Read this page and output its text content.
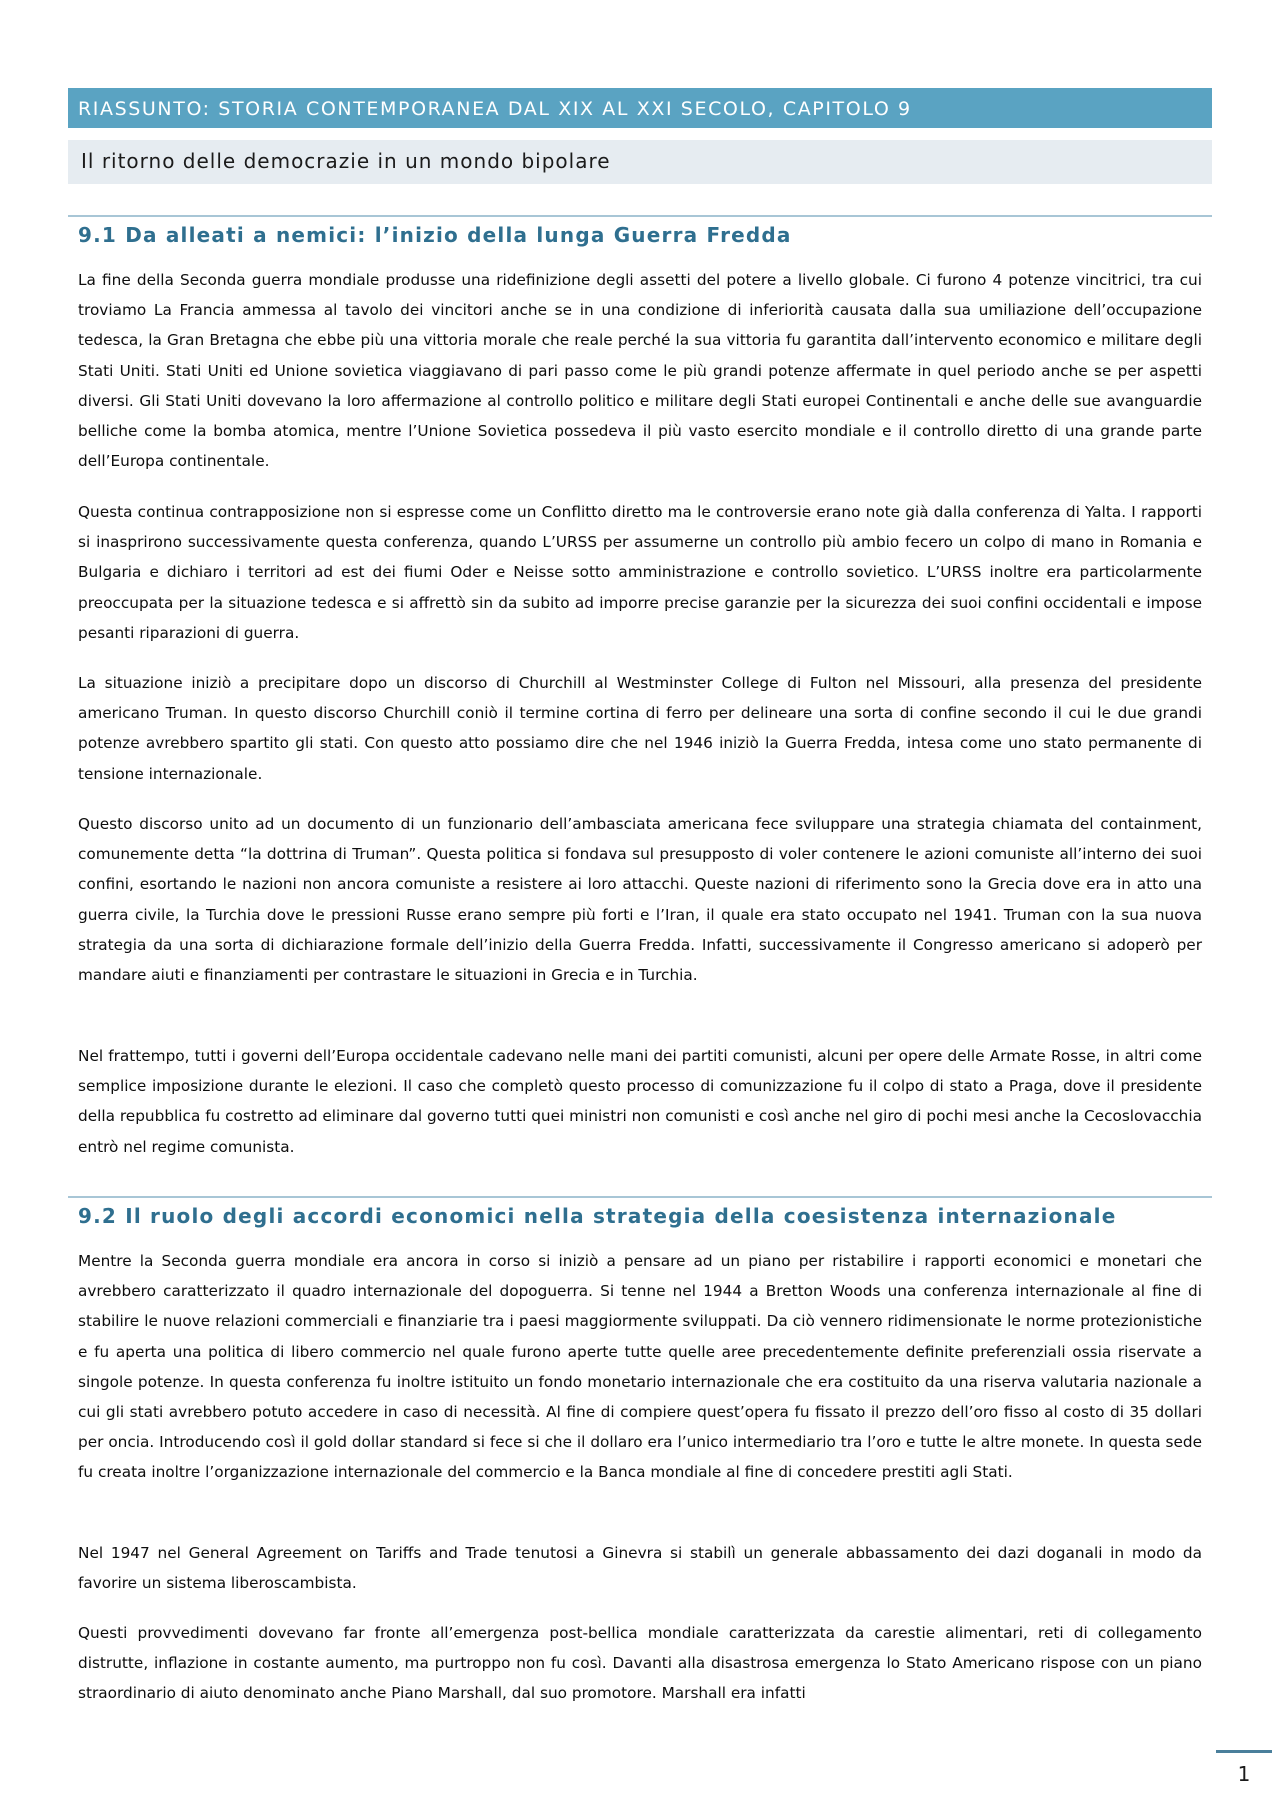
RIASSUNTO: STORIA CONTEMPORANEA DAL XIX AL XXI SECOLO, CAPITOLO 9
Il ritorno delle democrazie in un mondo bipolare
9.1 Da alleati a nemici: l’inizio della lunga Guerra Fredda

La fine della Seconda guerra mondiale produsse una ridefinizione degli assetti del potere a livello globale. Ci furono 4 potenze vincitrici, tra cui troviamo La Francia ammessa al tavolo dei vincitori anche se in una condizione di inferiorità causata dalla sua umiliazione dell’occupazione tedesca, la Gran Bretagna che ebbe più una vittoria morale che reale perché la sua vittoria fu garantita dall’intervento economico e militare degli Stati Uniti. Stati Uniti ed Unione sovietica viaggiavano di pari passo come le più grandi potenze affermate in quel periodo anche se per aspetti diversi. Gli Stati Uniti dovevano la loro affermazione al controllo politico e militare degli Stati europei Continentali e anche delle sue avanguardie belliche come la bomba atomica, mentre l’Unione Sovietica possedeva il più vasto esercito mondiale e il controllo diretto di una grande parte dell’Europa continentale.

Questa continua contrapposizione non si espresse come un Conflitto diretto ma le controversie erano note già dalla conferenza di Yalta. I rapporti si inasprirono successivamente questa conferenza, quando L’URSS per assumerne un controllo più ambio fecero un colpo di mano in Romania e Bulgaria e dichiaro i territori ad est dei fiumi Oder e Neisse sotto amministrazione e controllo sovietico. L’URSS inoltre era particolarmente preoccupata per la situazione tedesca e si affrettò sin da subito ad imporre precise garanzie per la sicurezza dei suoi confini occidentali e impose pesanti riparazioni di guerra.

La situazione iniziò a precipitare dopo un discorso di Churchill al Westminster College di Fulton nel Missouri, alla presenza del presidente americano Truman. In questo discorso Churchill coniò il termine cortina di ferro per delineare una sorta di confine secondo il cui le due grandi potenze avrebbero spartito gli stati. Con questo atto possiamo dire che nel 1946 iniziò la Guerra Fredda, intesa come uno stato permanente di tensione internazionale.

Questo discorso unito ad un documento di un funzionario dell’ambasciata americana fece sviluppare una strategia chiamata del containment, comunemente detta “la dottrina di Truman”. Questa politica si fondava sul presupposto di voler contenere le azioni comuniste all’interno dei suoi confini, esortando le nazioni non ancora comuniste a resistere ai loro attacchi. Queste nazioni di riferimento sono la Grecia dove era in atto una guerra civile, la Turchia dove le pressioni Russe erano sempre più forti e l’Iran, il quale era stato occupato nel 1941. Truman con la sua nuova strategia da una sorta di dichiarazione formale dell’inizio della Guerra Fredda. Infatti, successivamente il Congresso americano si adoperò per mandare aiuti e finanziamenti per contrastare le situazioni in Grecia e in Turchia.

Nel frattempo, tutti i governi dell’Europa occidentale cadevano nelle mani dei partiti comunisti, alcuni per opere delle Armate Rosse, in altri come semplice imposizione durante le elezioni. Il caso che completò questo processo di comunizzazione fu il colpo di stato a Praga, dove il presidente della repubblica fu costretto ad eliminare dal governo tutti quei ministri non comunisti e così anche nel giro di pochi mesi anche la Cecoslovacchia entrò nel regime comunista.

9.2 Il ruolo degli accordi economici nella strategia della coesistenza internazionale

Mentre la Seconda guerra mondiale era ancora in corso si iniziò a pensare ad un piano per ristabilire i rapporti economici e monetari che avrebbero caratterizzato il quadro internazionale del dopoguerra. Si tenne nel 1944 a Bretton Woods una conferenza internazionale al fine di stabilire le nuove relazioni commerciali e finanziarie tra i paesi maggiormente sviluppati. Da ciò vennero ridimensionate le norme protezionistiche e fu aperta una politica di libero commercio nel quale furono aperte tutte quelle aree precedentemente definite preferenziali ossia riservate a singole potenze. In questa conferenza fu inoltre istituito un fondo monetario internazionale che era costituito da una riserva valutaria nazionale a cui gli stati avrebbero potuto accedere in caso di necessità. Al fine di compiere quest’opera fu fissato il prezzo dell’oro fisso al costo di 35 dollari per oncia. Introducendo così il gold dollar standard si fece si che il dollaro era l’unico intermediario tra l’oro e tutte le altre monete. In questa sede fu creata inoltre l’organizzazione internazionale del commercio e la Banca mondiale al fine di concedere prestiti agli Stati.

Nel 1947 nel General Agreement on Tariffs and Trade tenutosi a Ginevra si stabilì un generale abbassamento dei dazi doganali in modo da favorire un sistema liberoscambista.

Questi provvedimenti dovevano far fronte all’emergenza post-bellica mondiale caratterizzata da carestie alimentari, reti di collegamento distrutte, inflazione in costante aumento, ma purtroppo non fu così. Davanti alla disastrosa emergenza lo Stato Americano rispose con un piano straordinario di aiuto denominato anche Piano Marshall, dal suo promotore. Marshall era infatti

1
